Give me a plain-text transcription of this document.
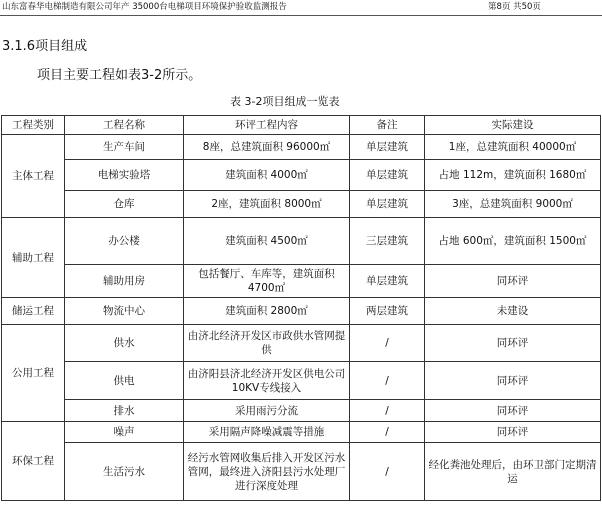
山东富春华电梯制造有限公司年产 35000台电梯项目环境保护验收监测报告	第8页 共50页
3.1.6项目组成
项目主要工程如表3-2所示。
表 3-2项目组成一览表
工程类别	工程名称	环评工程内容	备注	实际建设
主体工程	生产车间	8座，总建筑面积 96000㎡	单层建筑	1座，总建筑面积 40000㎡
	电梯实验塔	建筑面积 4000㎡	单层建筑	占地 112m，建筑面积 1680㎡
	仓库	2座，建筑面积 8000㎡	单层建筑	3座，总建筑面积 9000㎡
辅助工程	办公楼	建筑面积 4500㎡	三层建筑	占地 600㎡，建筑面积 1500㎡
	辅助用房	包括餐厅、车库等，建筑面积 4700㎡	单层建筑	同环评
储运工程	物流中心	建筑面积 2800㎡	两层建筑	未建设
公用工程	供水	由济北经济开发区市政供水管网提供	/	同环评
	供电	由济阳县济北经济开发区供电公司 10KV专线接入	/	同环评
	排水	采用雨污分流	/	同环评
环保工程	噪声	采用隔声降噪减震等措施	/	同环评
	生活污水	经污水管网收集后排入开发区污水管网，最终进入济阳县污水处理厂进行深度处理	/	经化粪池处理后，由环卫部门定期清运
